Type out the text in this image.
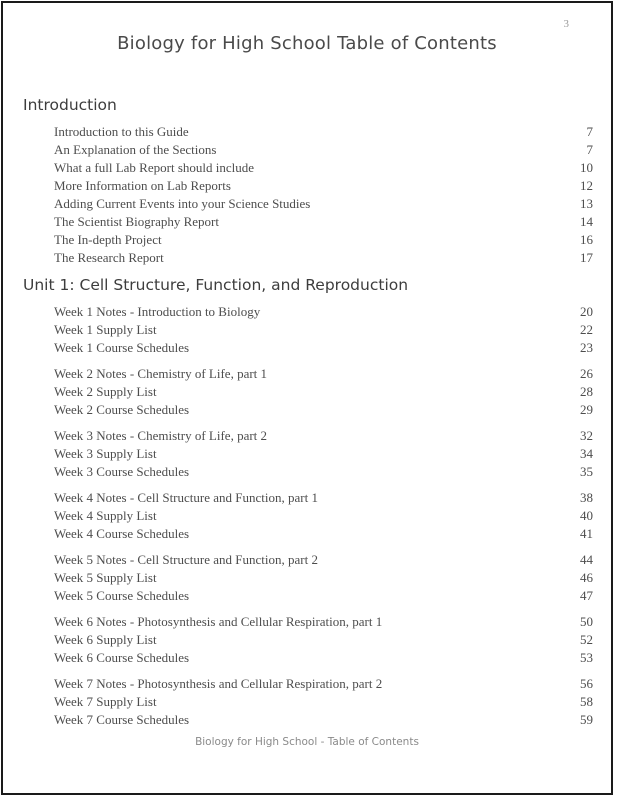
3
Biology for High School Table of Contents
Introduction
Introduction to this Guide	7
An Explanation of the Sections	7
What a full Lab Report should include	10
More Information on Lab Reports	12
Adding Current Events into your Science Studies	13
The Scientist Biography Report	14
The In-depth Project	16
The Research Report	17
Unit 1: Cell Structure, Function, and Reproduction
Week 1 Notes - Introduction to Biology	20
Week 1 Supply List	22
Week 1 Course Schedules	23
Week 2 Notes - Chemistry of Life, part 1	26
Week 2 Supply List	28
Week 2 Course Schedules	29
Week 3 Notes - Chemistry of Life, part 2	32
Week 3 Supply List	34
Week 3 Course Schedules	35
Week 4 Notes - Cell Structure and Function, part 1	38
Week 4 Supply List	40
Week 4 Course Schedules	41
Week 5 Notes - Cell Structure and Function, part 2	44
Week 5 Supply List	46
Week 5 Course Schedules	47
Week 6 Notes - Photosynthesis and Cellular Respiration, part 1	50
Week 6 Supply List	52
Week 6 Course Schedules	53
Week 7 Notes - Photosynthesis and Cellular Respiration, part 2	56
Week 7 Supply List	58
Week 7 Course Schedules	59
Biology for High School - Table of Contents
